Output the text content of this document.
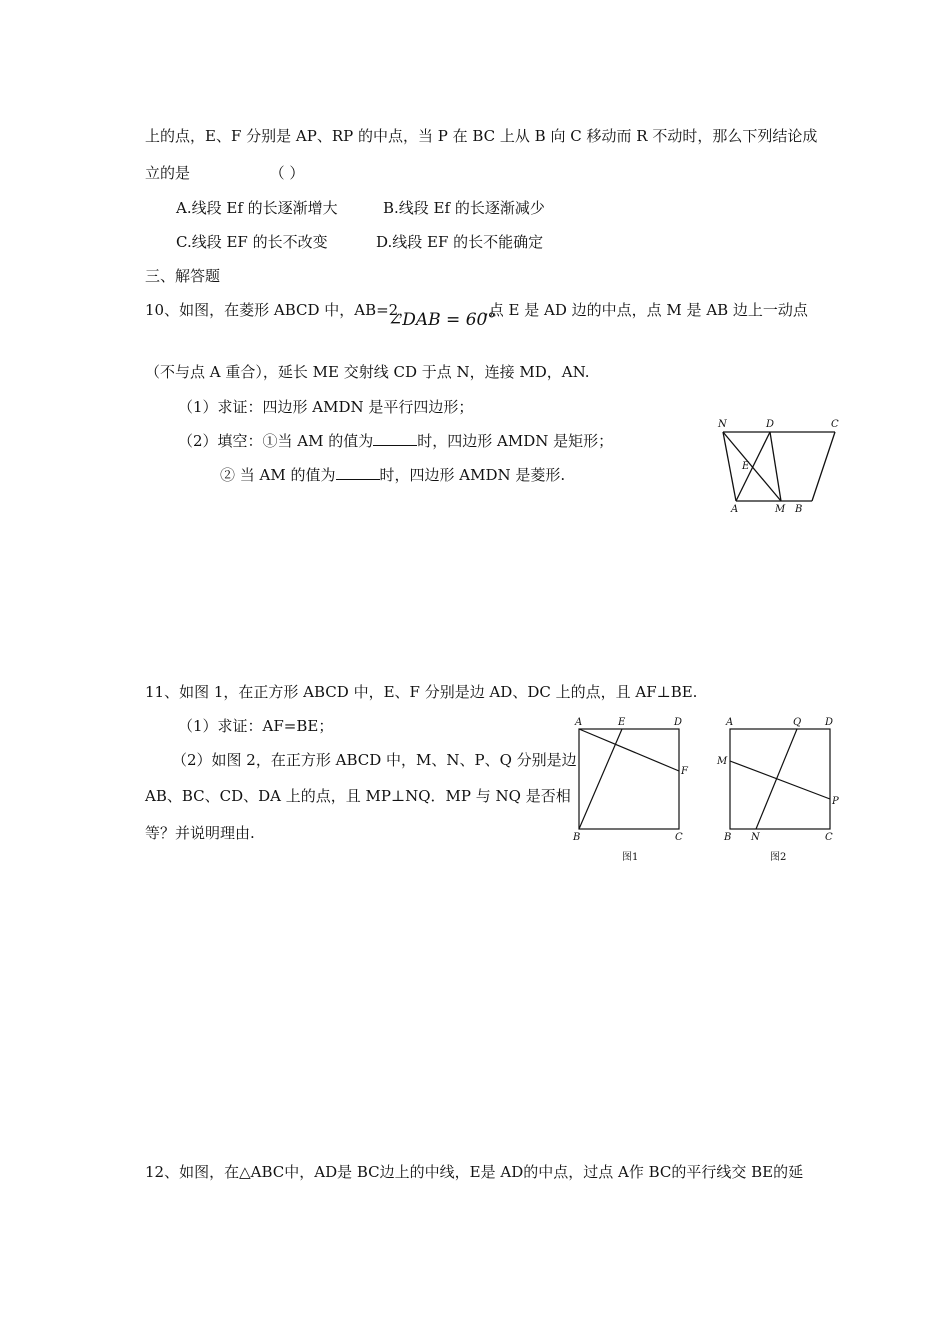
上的点，E、F 分别是 AP、RP 的中点，当 P 在 BC 上从 B 向 C 移动而 R 不动时，那么下列结论成
立的是	（ ）
A.线段 Ef 的长逐渐增大	B.线段 Ef 的长逐渐减少
C.线段 EF 的长不改变	D.线段 EF 的长不能确定
三、解答题
10、如图，在菱形 ABCD 中，AB=2，
∠DAB = 60°
,点 E 是 AD 边的中点，点 M 是 AB 边上一动点
（不与点 A 重合），延长 ME 交射线 CD 于点 N，连接 MD，AN.
（1）求证：四边形 AMDN 是平行四边形；
（2）填空：①当 AM 的值为	时，四边形 AMDN 是矩形；
② 当 AM 的值为	时，四边形 AMDN 是菱形.
N	D	C
E
A	M B
11、如图 1，在正方形 ABCD 中，E、F 分别是边 AD、DC 上的点，且 AF⊥BE.
（1）求证：AF=BE；
（2）如图 2，在正方形 ABCD 中，M、N、P、Q 分别是边
AB、BC、CD、DA 上的点，且 MP⊥NQ．MP 与 NQ 是否相
等？并说明理由.
A	E	D
F
B	C
图1
A	Q D
M
P
B N	C
图2
12、如图，在△ABC中，AD是 BC边上的中线，E是 AD的中点，过点 A作 BC的平行线交 BE的延
